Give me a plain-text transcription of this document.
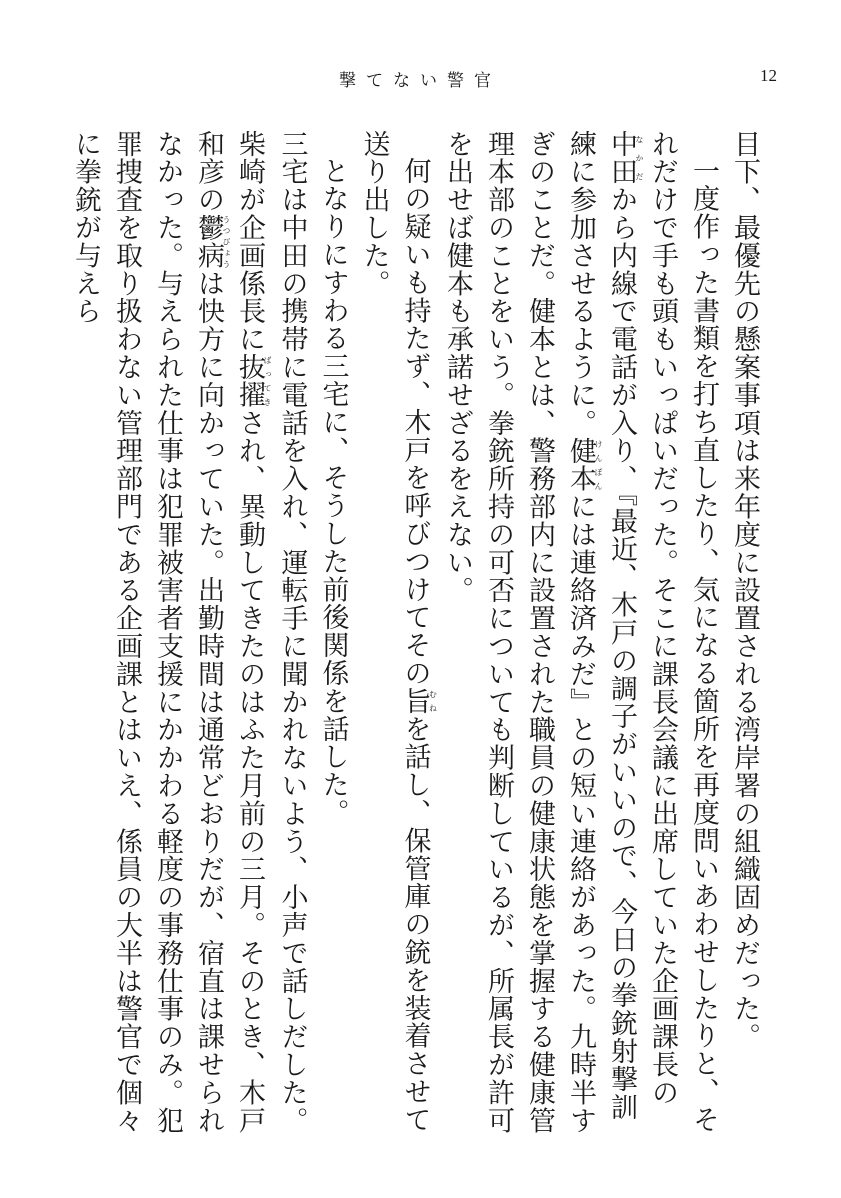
撃てない警官	12

目下、最優先の懸案事項は来年度に設置される湾岸署の組織固めだった。

一度作った書類を打ち直したり、気になる箇所を再度問いあわせしたりと、それだけで手も頭もいっぱいだった。そこに課長会議に出席していた企画課長の中田なかだから内線で電話が入り、『最近、木戸の調子がいいので、今日の拳銃射撃訓練に参加させるように。健本けんぽんには連絡済みだ』との短い連絡があった。九時半すぎのことだ。健本とは、警務部内に設置された職員の健康状態を掌握する健康管理本部のことをいう。拳銃所持の可否についても判断しているが、所属長が許可を出せば健本も承諾せざるをえない。

何の疑いも持たず、木戸を呼びつけてその旨むねを話し、保管庫の銃を装着させて送り出した。

となりにすわる三宅に、そうした前後関係を話した。

三宅は中田の携帯に電話を入れ、運転手に聞かれないよう、小声で話しだした。

柴崎が企画係長に抜擢ばってきされ、異動してきたのはふた月前の三月。そのとき、木戸和彦の鬱病うつびょうは快方に向かっていた。出勤時間は通常どおりだが、宿直は課せられなかった。与えられた仕事は犯罪被害者支援にかかわる軽度の事務仕事のみ。犯罪捜査を取り扱わない管理部門である企画課とはいえ、係員の大半は警官で個々に拳銃が与えら
